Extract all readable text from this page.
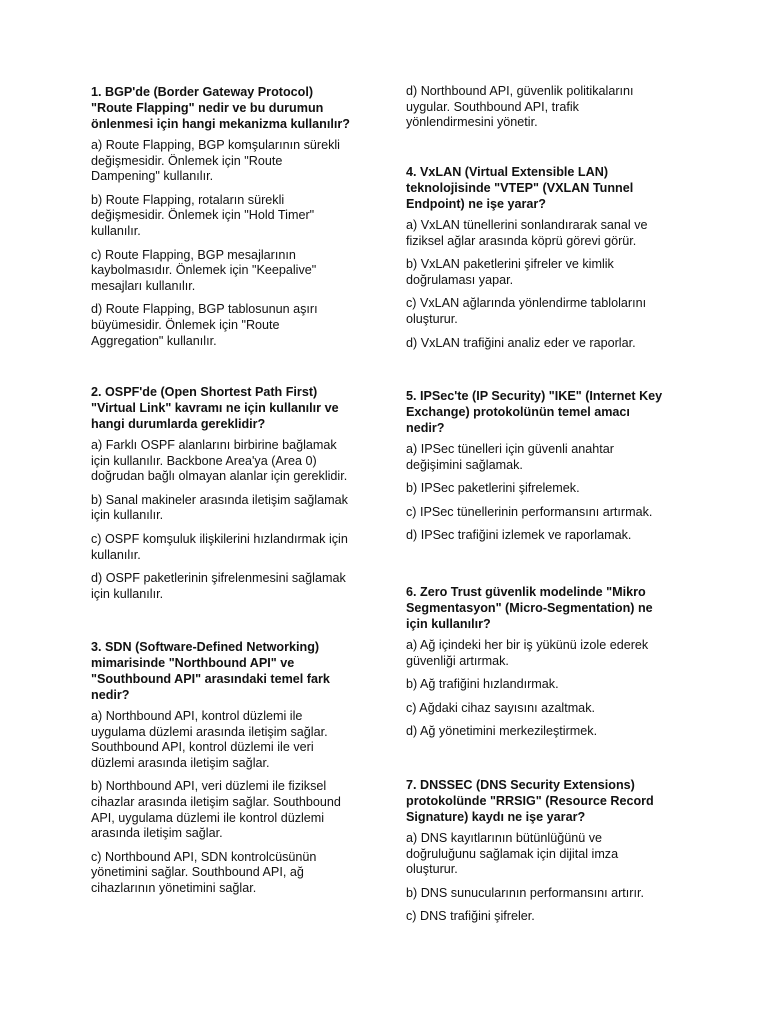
1. BGP'de (Border Gateway Protocol)
"Route Flapping" nedir ve bu durumun
önlenmesi için hangi mekanizma kullanılır?
a) Route Flapping, BGP komşularının sürekli
değişmesidir. Önlemek için "Route
Dampening" kullanılır.
b) Route Flapping, rotaların sürekli
değişmesidir. Önlemek için "Hold Timer"
kullanılır.
c) Route Flapping, BGP mesajlarının
kaybolmasıdır. Önlemek için "Keepalive"
mesajları kullanılır.
d) Route Flapping, BGP tablosunun aşırı
büyümesidir. Önlemek için "Route
Aggregation" kullanılır.
2. OSPF'de (Open Shortest Path First)
"Virtual Link" kavramı ne için kullanılır ve
hangi durumlarda gereklidir?
a) Farklı OSPF alanlarını birbirine bağlamak
için kullanılır. Backbone Area'ya (Area 0)
doğrudan bağlı olmayan alanlar için gereklidir.
b) Sanal makineler arasında iletişim sağlamak
için kullanılır.
c) OSPF komşuluk ilişkilerini hızlandırmak için
kullanılır.
d) OSPF paketlerinin şifrelenmesini sağlamak
için kullanılır.
3. SDN (Software-Defined Networking)
mimarisinde "Northbound API" ve
"Southbound API" arasındaki temel fark
nedir?
a) Northbound API, kontrol düzlemi ile
uygulama düzlemi arasında iletişim sağlar.
Southbound API, kontrol düzlemi ile veri
düzlemi arasında iletişim sağlar.
b) Northbound API, veri düzlemi ile fiziksel
cihazlar arasında iletişim sağlar. Southbound
API, uygulama düzlemi ile kontrol düzlemi
arasında iletişim sağlar.
c) Northbound API, SDN kontrolcüsünün
yönetimini sağlar. Southbound API, ağ
cihazlarının yönetimini sağlar.
d) Northbound API, güvenlik politikalarını
uygular. Southbound API, trafik
yönlendirmesini yönetir.
4. VxLAN (Virtual Extensible LAN)
teknolojisinde "VTEP" (VXLAN Tunnel
Endpoint) ne işe yarar?
a) VxLAN tünellerini sonlandırarak sanal ve
fiziksel ağlar arasında köprü görevi görür.
b) VxLAN paketlerini şifreler ve kimlik
doğrulaması yapar.
c) VxLAN ağlarında yönlendirme tablolarını
oluşturur.
d) VxLAN trafiğini analiz eder ve raporlar.
5. IPSec'te (IP Security) "IKE" (Internet Key
Exchange) protokolünün temel amacı
nedir?
a) IPSec tünelleri için güvenli anahtar
değişimini sağlamak.
b) IPSec paketlerini şifrelemek.
c) IPSec tünellerinin performansını artırmak.
d) IPSec trafiğini izlemek ve raporlamak.
6. Zero Trust güvenlik modelinde "Mikro
Segmentasyon" (Micro-Segmentation) ne
için kullanılır?
a) Ağ içindeki her bir iş yükünü izole ederek
güvenliği artırmak.
b) Ağ trafiğini hızlandırmak.
c) Ağdaki cihaz sayısını azaltmak.
d) Ağ yönetimini merkezileştirmek.
7. DNSSEC (DNS Security Extensions)
protokolünde "RRSIG" (Resource Record
Signature) kaydı ne işe yarar?
a) DNS kayıtlarının bütünlüğünü ve
doğruluğunu sağlamak için dijital imza
oluşturur.
b) DNS sunucularının performansını artırır.
c) DNS trafiğini şifreler.
